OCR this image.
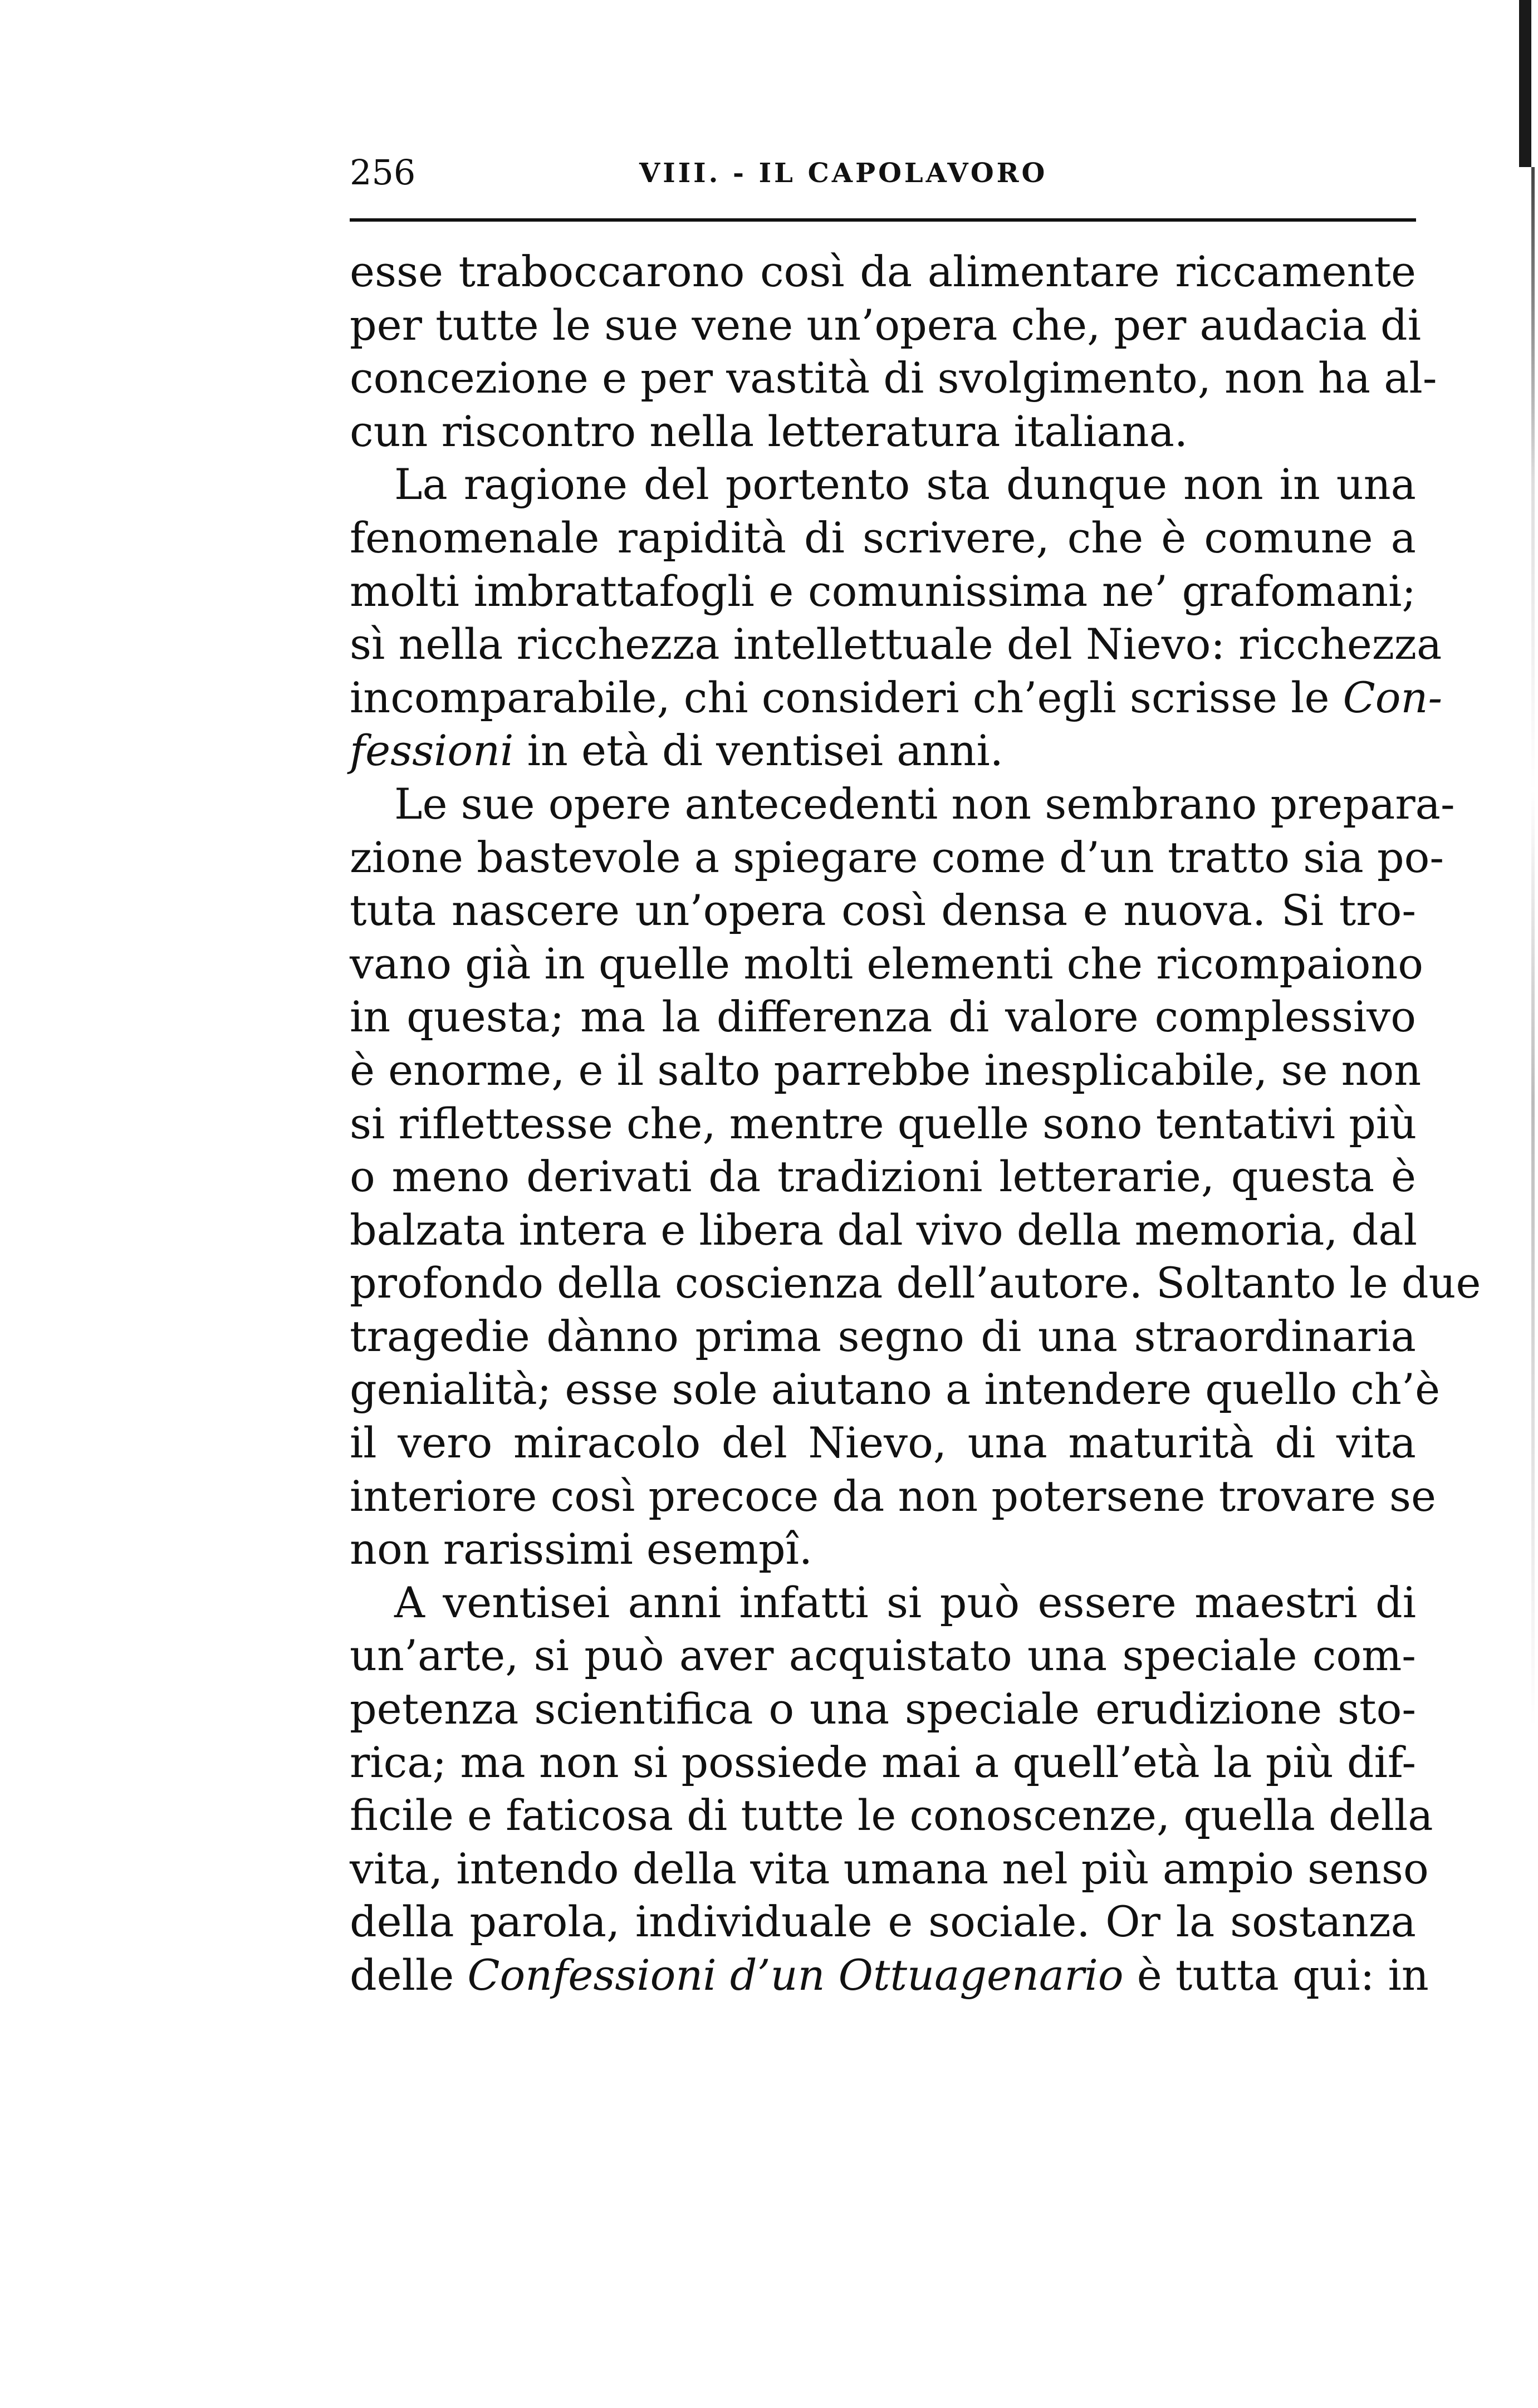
256	VIII. - IL CAPOLAVORO
esse traboccarono così da alimentare riccamente
per tutte le sue vene un’opera che, per audacia di
concezione e per vastità di svolgimento, non ha al-
cun riscontro nella letteratura italiana.
La ragione del portento sta dunque non in una
fenomenale rapidità di scrivere, che è comune a
molti imbrattafogli e comunissima ne’ grafomani;
sì nella ricchezza intellettuale del Nievo: ricchezza
incomparabile, chi consideri ch’egli scrisse le Con-
fessioni in età di ventisei anni.
Le sue opere antecedenti non sembrano prepara-
zione bastevole a spiegare come d’un tratto sia po-
tuta nascere un’opera così densa e nuova. Si tro-
vano già in quelle molti elementi che ricompaiono
in questa; ma la differenza di valore complessivo
è enorme, e il salto parrebbe inesplicabile, se non
si riflettesse che, mentre quelle sono tentativi più
o meno derivati da tradizioni letterarie, questa è
balzata intera e libera dal vivo della memoria, dal
profondo della coscienza dell’autore. Soltanto le due
tragedie dànno prima segno di una straordinaria
genialità; esse sole aiutano a intendere quello ch’è
il vero miracolo del Nievo, una maturità di vita
interiore così precoce da non potersene trovare se
non rarissimi esempî.
A ventisei anni infatti si può essere maestri di
un’arte, si può aver acquistato una speciale com-
petenza scientifica o una speciale erudizione sto-
rica; ma non si possiede mai a quell’età la più dif-
ficile e faticosa di tutte le conoscenze, quella della
vita, intendo della vita umana nel più ampio senso
della parola, individuale e sociale. Or la sostanza
delle Confessioni d’un Ottuagenario è tutta qui: in
